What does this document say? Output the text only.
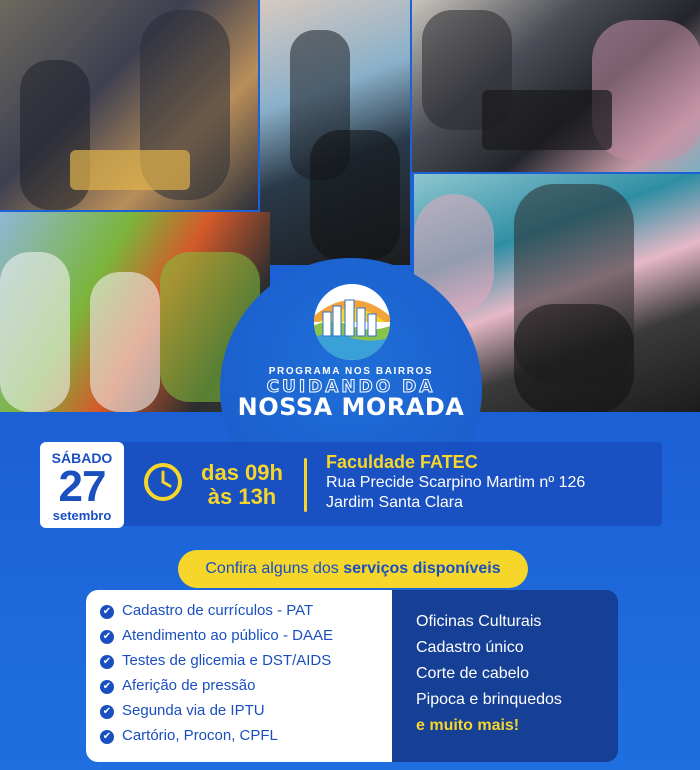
PROGRAMA NOS BAIRROS
CUIDANDO DA
NOSSA MORADA
SÁBADO
27
setembro
das 09h
às 13h
Faculdade FATEC
Rua Precide Scarpino Martim nº 126
Jardim Santa Clara
Confira alguns dos serviços disponíveis
✔ Cadastro de currículos - PAT
✔ Atendimento ao público - DAAE
✔ Testes de glicemia e DST/AIDS
✔ Aferição de pressão
✔ Segunda via de IPTU
✔ Cartório, Procon, CPFL
Oficinas Culturais
Cadastro único
Corte de cabelo
Pipoca e brinquedos
e muito mais!
